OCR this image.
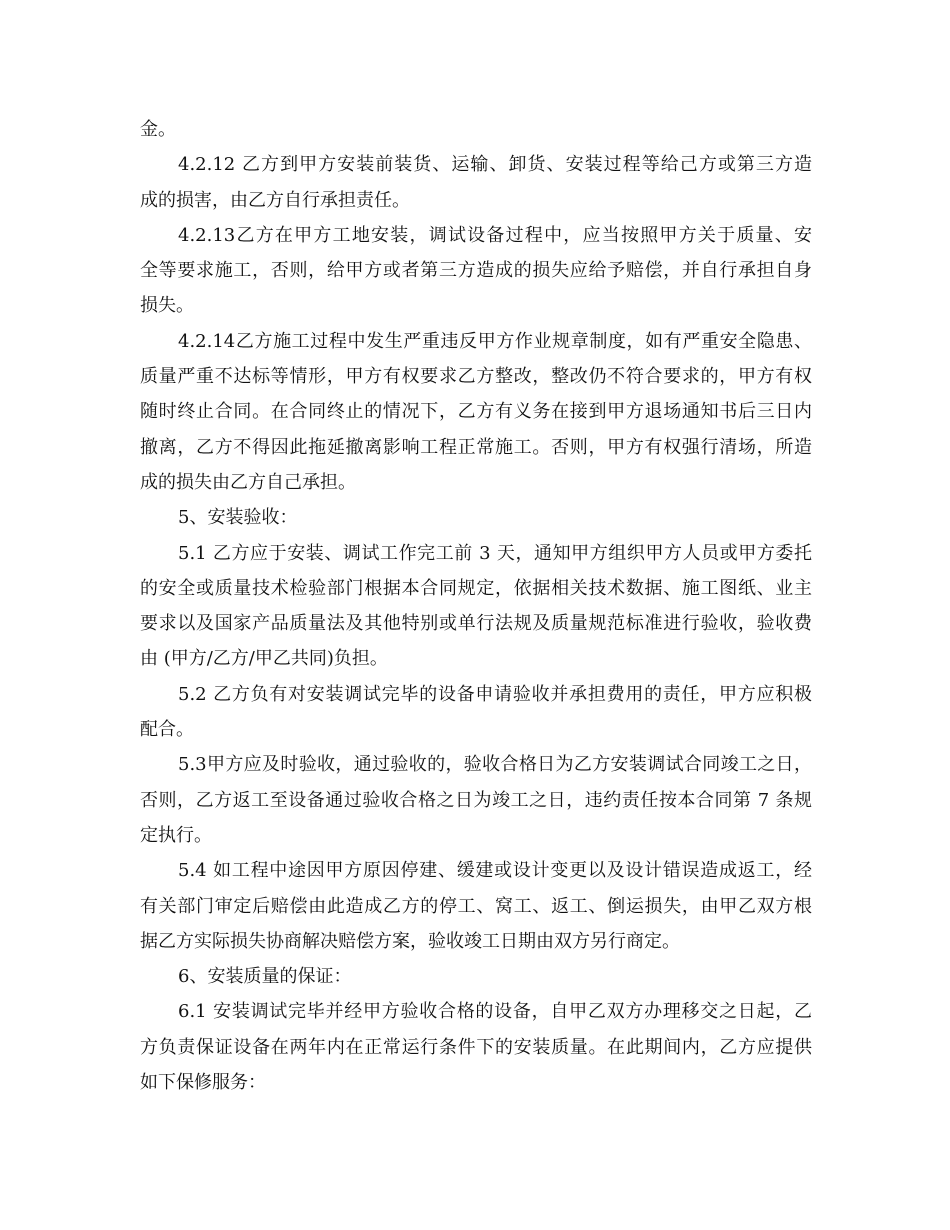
金。
4.2.12 乙方到甲方安装前装货、运输、卸货、安装过程等给己方或第三方造
成的损害，由乙方自行承担责任。
4.2.13乙方在甲方工地安装，调试设备过程中，应当按照甲方关于质量、安
全等要求施工，否则，给甲方或者第三方造成的损失应给予赔偿，并自行承担自身
损失。
4.2.14乙方施工过程中发生严重违反甲方作业规章制度，如有严重安全隐患、
质量严重不达标等情形，甲方有权要求乙方整改，整改仍不符合要求的，甲方有权
随时终止合同。在合同终止的情况下，乙方有义务在接到甲方退场通知书后三日内
撤离，乙方不得因此拖延撤离影响工程正常施工。否则，甲方有权强行清场，所造
成的损失由乙方自己承担。
5、安装验收：
5.1 乙方应于安装、调试工作完工前 3 天，通知甲方组织甲方人员或甲方委托
的安全或质量技术检验部门根据本合同规定，依据相关技术数据、施工图纸、业主
要求以及国家产品质量法及其他特别或单行法规及质量规范标准进行验收，验收费
由 (甲方/乙方/甲乙共同)负担。
5.2 乙方负有对安装调试完毕的设备申请验收并承担费用的责任，甲方应积极
配合。
5.3甲方应及时验收，通过验收的，验收合格日为乙方安装调试合同竣工之日，
否则，乙方返工至设备通过验收合格之日为竣工之日，违约责任按本合同第 7 条规
定执行。
5.4 如工程中途因甲方原因停建、缓建或设计变更以及设计错误造成返工，经
有关部门审定后赔偿由此造成乙方的停工、窝工、返工、倒运损失，由甲乙双方根
据乙方实际损失协商解决赔偿方案，验收竣工日期由双方另行商定。
6、安装质量的保证：
6.1 安装调试完毕并经甲方验收合格的设备，自甲乙双方办理移交之日起，乙
方负责保证设备在两年内在正常运行条件下的安装质量。在此期间内，乙方应提供
如下保修服务：
